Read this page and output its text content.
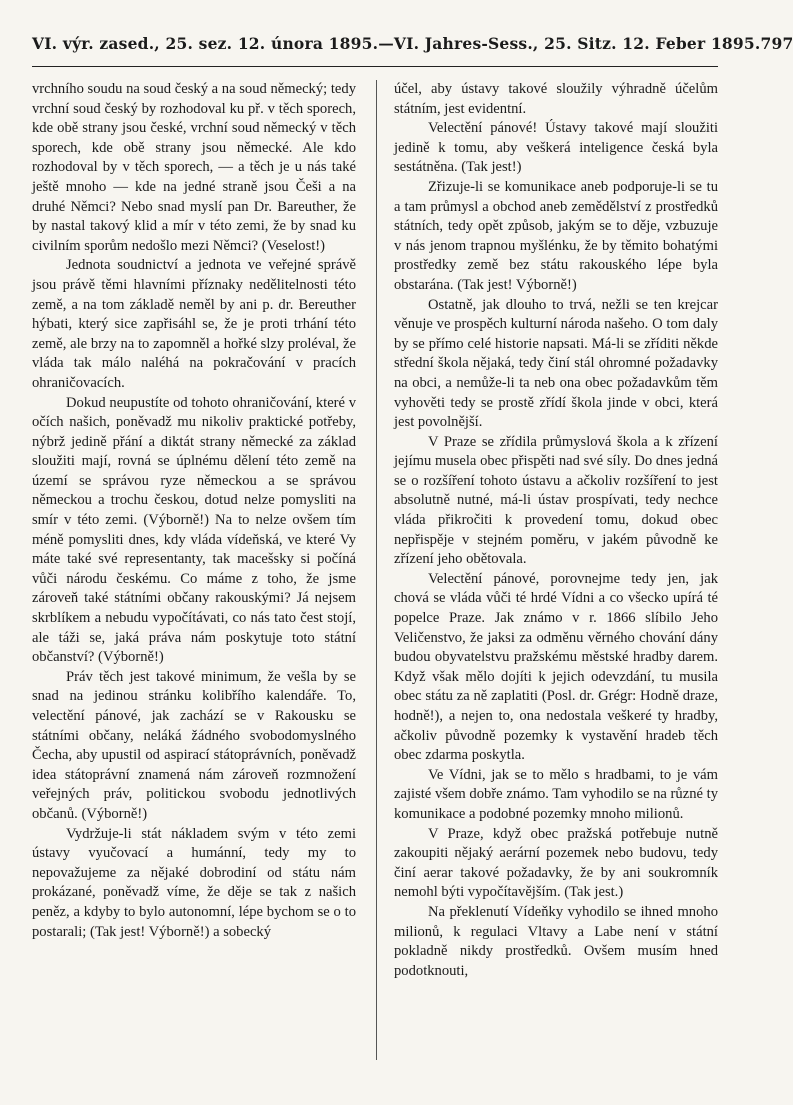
VI. výr. zased., 25. sez. 12. února 1895. — VI. Jahres-Sess., 25. Sitz. 12. Feber 1895. 797

vrchního soudu na soud český a na soud německý; tedy vrchní soud český by rozhodoval ku př. v těch sporech, kde obě strany jsou české, vrchní soud německý v těch sporech, kde obě strany jsou německé. Ale kdo rozhodoval by v těch sporech, — a těch je u nás také ještě mnoho — kde na jedné straně jsou Češi a na druhé Němci? Nebo snad myslí pan Dr. Bareuther, že by nastal takový klid a mír v této zemi, že by snad ku civilním sporům nedošlo mezi Němci? (Veselost!)

Jednota soudnictví a jednota ve veřejné správě jsou právě těmi hlavními příznaky nedělitelnosti této země, a na tom základě neměl by ani p. dr. Bereuther hýbati, který sice zapřisáhl se, že je proti trhání této země, ale brzy na to zapomněl a hořké slzy proléval, že vláda tak málo naléhá na pokračování v pracích ohraničovacích.

Dokud neupustíte od tohoto ohraničování, které v očích našich, poněvadž mu nikoliv praktické potřeby, nýbrž jedině přání a diktát strany německé za základ sloužiti mají, rovná se úplnému dělení této země na území se správou ryze německou a se správou německou a trochu českou, dotud nelze pomysliti na smír v této zemi. (Výborně!) Na to nelze ovšem tím méně pomysliti dnes, kdy vláda vídeňská, ve které Vy máte také své representanty, tak macešsky si počíná vůči národu českému. Co máme z toho, že jsme zároveň také státními občany rakouskými? Já nejsem skrblíkem a nebudu vypočítávati, co nás tato čest stojí, ale táži se, jaká práva nám poskytuje toto státní občanství? (Výborně!)

Práv těch jest takové minimum, že vešla by se snad na jedinou stránku kolibřího kalendáře. To, velectění pánové, jak zachází se v Rakousku se státními občany, neláká žádného svobodomyslného Čecha, aby upustil od aspirací státoprávních, poněvadž idea státoprávní znamená nám zároveň rozmnožení veřejných práv, politickou svobodu jednotlivých občanů. (Výborně!)

Vydržuje-li stát nákladem svým v této zemi ústavy vyučovací a humánní, tedy my to nepovažujeme za nějaké dobrodiní od státu nám prokázané, poněvadž víme, že děje se tak z našich peněz, a kdyby to bylo autonomní, lépe bychom se o to postarali; (Tak jest! Výborně!) a sobecký

účel, aby ústavy takové sloužily výhradně účelům státním, jest evidentní.

Velectění pánové! Ústavy takové mají sloužiti jedině k tomu, aby veškerá inteligence česká byla sestátněna. (Tak jest!)

Zřizuje-li se komunikace aneb podporuje-li se tu a tam průmysl a obchod aneb zemědělství z prostředků státních, tedy opět způsob, jakým se to děje, vzbuzuje v nás jenom trapnou myšlénku, že by těmito bohatými prostředky země bez státu rakouského lépe byla obstarána. (Tak jest! Výborně!)

Ostatně, jak dlouho to trvá, nežli se ten krejcar věnuje ve prospěch kulturní národa našeho. O tom daly by se přímo celé historie napsati. Má-li se zříditi někde střední škola nějaká, tedy činí stál ohromné požadavky na obci, a nemůže-li ta neb ona obec požadavkům těm vyhověti tedy se prostě zřídí škola jinde v obci, která jest povolnější.

V Praze se zřídila průmyslová škola a k zřízení jejímu musela obec přispěti nad své síly. Do dnes jedná se o rozšíření tohoto ústavu a ačkoliv rozšíření to jest absolutně nutné, má-li ústav prospívati, tedy nechce vláda přikročiti k provedení tomu, dokud obec nepřispěje v stejném poměru, v jakém původně ke zřízení jeho obětovala.

Velectění pánové, porovnejme tedy jen, jak chová se vláda vůči té hrdé Vídni a co všecko upírá té popelce Praze. Jak známo v r. 1866 slíbilo Jeho Veličenstvo, že jaksi za odměnu věrného chování dány budou obyvatelstvu pražskému městské hradby darem. Když však mělo dojíti k jejich odevzdání, tu musila obec státu za ně zaplatiti (Posl. dr. Grégr: Hodně draze, hodně!), a nejen to, ona nedostala veškeré ty hradby, ačkoliv původně pozemky k vystavění hradeb těch obec zdarma poskytla.

Ve Vídni, jak se to mělo s hradbami, to je vám zajisté všem dobře známo. Tam vyhodilo se na různé ty komunikace a podobné pozemky mnoho milionů.

V Praze, když obec pražská potřebuje nutně zakoupiti nějaký aerární pozemek nebo budovu, tedy činí aerar takové požadavky, že by ani soukromník nemohl býti vypočítavějším. (Tak jest.)

Na překlenutí Vídeňky vyhodilo se ihned mnoho milionů, k regulaci Vltavy a Labe není v státní pokladně nikdy prostředků. Ovšem musím hned podotknouti,
